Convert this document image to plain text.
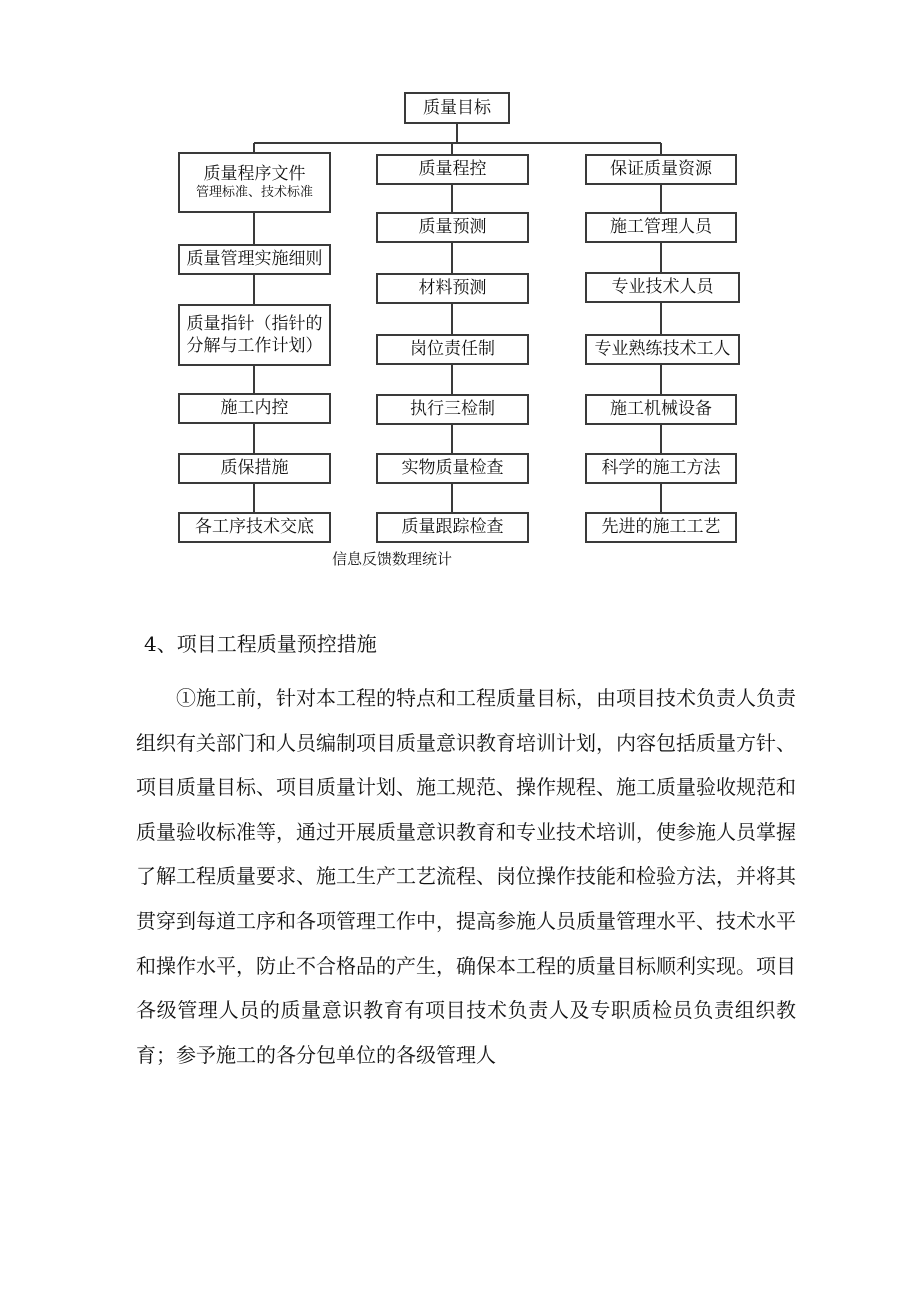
质量目标
质量程序文件
管理标准、技术标准
质量管理实施细则
质量指针（指针的
分解与工作计划）
施工内控
质保措施
各工序技术交底
质量程控
质量预测
材料预测
岗位责任制
执行三检制
实物质量检查
质量跟踪检查
保证质量资源
施工管理人员
专业技术人员
专业熟练技术工人
施工机械设备
科学的施工方法
先进的施工工艺
信息反馈数理统计
4、项目工程质量预控措施

①施工前，针对本工程的特点和工程质量目标，由项目技术负责人负责组织有关部门和人员编制项目质量意识教育培训计划，内容包括质量方针、项目质量目标、项目质量计划、施工规范、操作规程、施工质量验收规范和质量验收标准等，通过开展质量意识教育和专业技术培训，使参施人员掌握了解工程质量要求、施工生产工艺流程、岗位操作技能和检验方法，并将其贯穿到每道工序和各项管理工作中，提高参施人员质量管理水平、技术水平和操作水平，防止不合格品的产生，确保本工程的质量目标顺利实现。项目各级管理人员的质量意识教育有项目技术负责人及专职质检员负责组织教育；参予施工的各分包单位的各级管理人
